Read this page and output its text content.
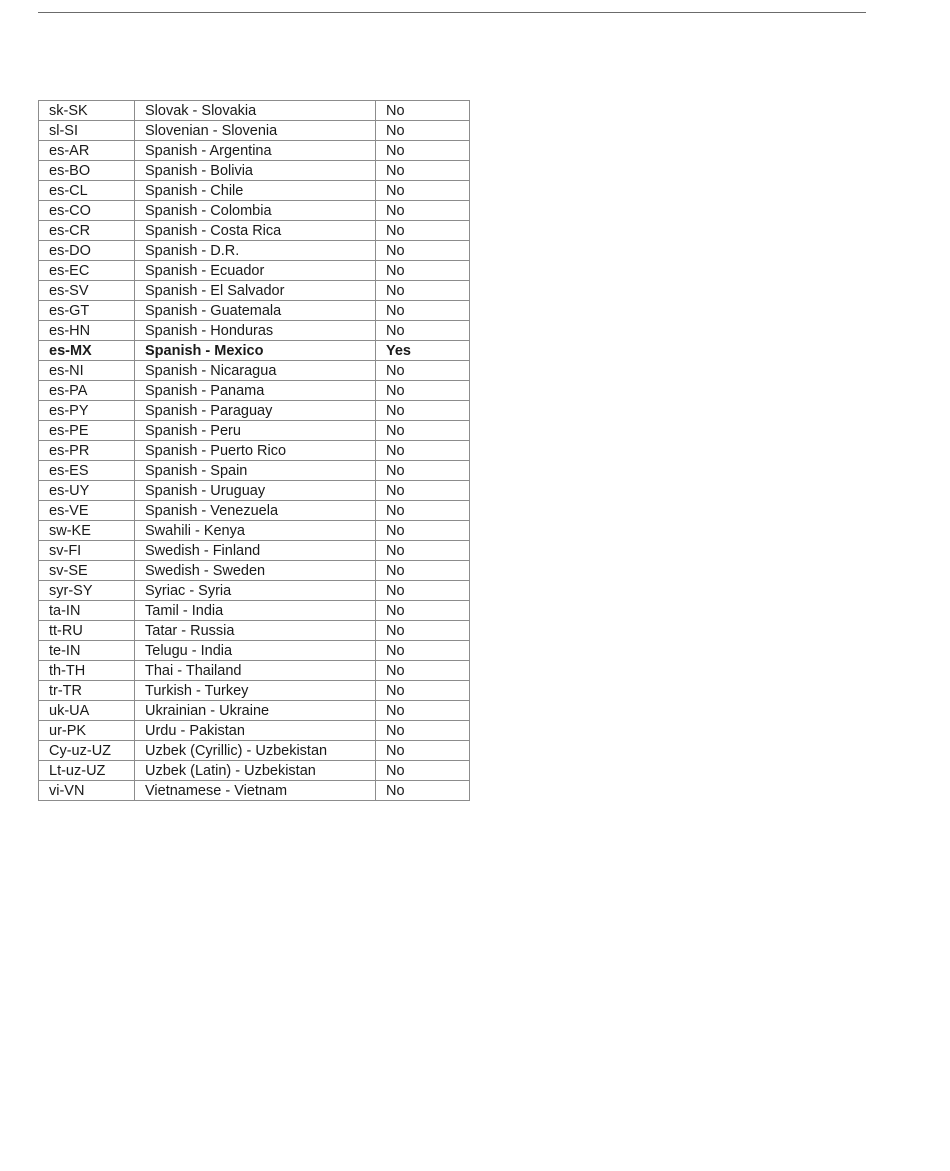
sk-SK	Slovak - Slovakia	No
sl-SI	Slovenian - Slovenia	No
es-AR	Spanish - Argentina	No
es-BO	Spanish - Bolivia	No
es-CL	Spanish - Chile	No
es-CO	Spanish - Colombia	No
es-CR	Spanish - Costa Rica	No
es-DO	Spanish - D.R.	No
es-EC	Spanish - Ecuador	No
es-SV	Spanish - El Salvador	No
es-GT	Spanish - Guatemala	No
es-HN	Spanish - Honduras	No
es-MX	Spanish - Mexico	Yes
es-NI	Spanish - Nicaragua	No
es-PA	Spanish - Panama	No
es-PY	Spanish - Paraguay	No
es-PE	Spanish - Peru	No
es-PR	Spanish - Puerto Rico	No
es-ES	Spanish - Spain	No
es-UY	Spanish - Uruguay	No
es-VE	Spanish - Venezuela	No
sw-KE	Swahili - Kenya	No
sv-FI	Swedish - Finland	No
sv-SE	Swedish - Sweden	No
syr-SY	Syriac - Syria	No
ta-IN	Tamil - India	No
tt-RU	Tatar - Russia	No
te-IN	Telugu - India	No
th-TH	Thai - Thailand	No
tr-TR	Turkish - Turkey	No
uk-UA	Ukrainian - Ukraine	No
ur-PK	Urdu - Pakistan	No
Cy-uz-UZ	Uzbek (Cyrillic) - Uzbekistan	No
Lt-uz-UZ	Uzbek (Latin) - Uzbekistan	No
vi-VN	Vietnamese - Vietnam	No
